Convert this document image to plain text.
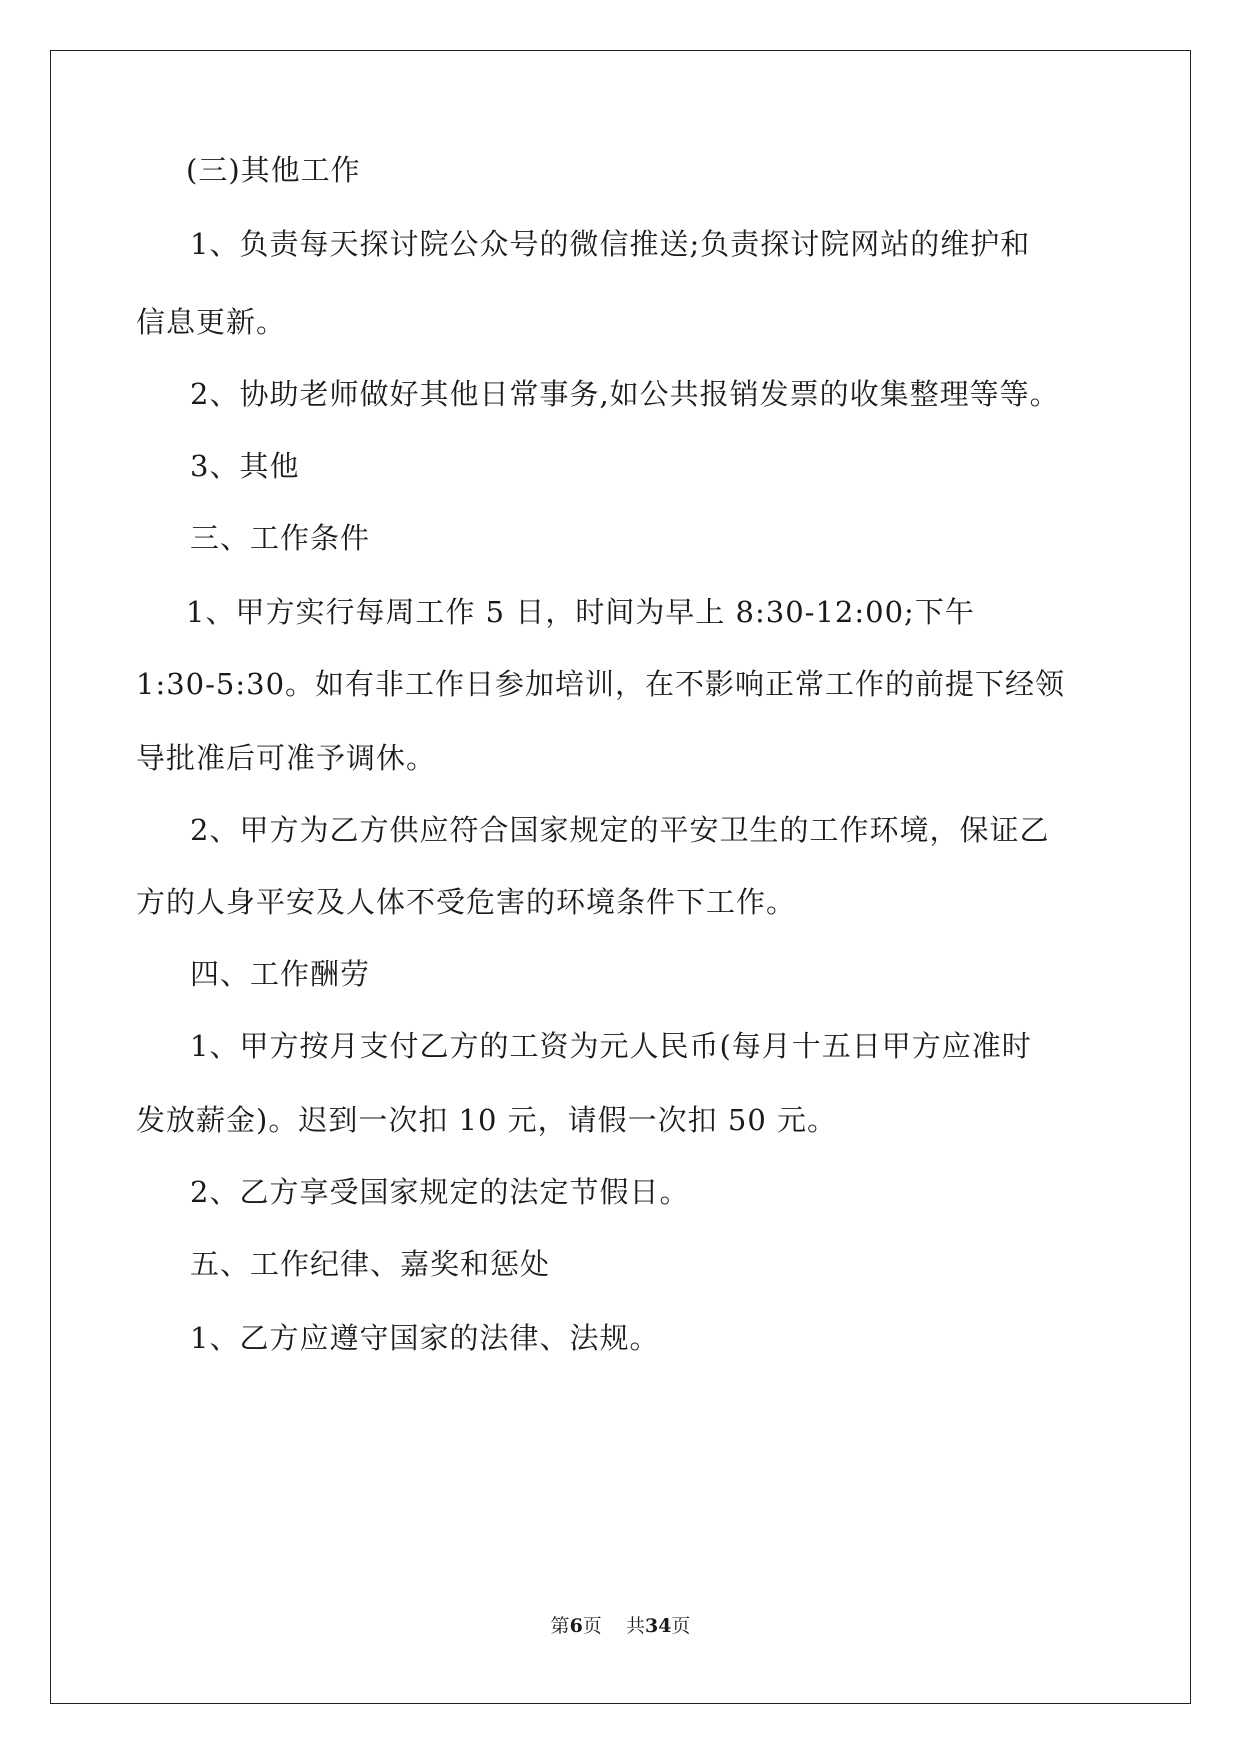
(三)其他工作
1、负责每天探讨院公众号的微信推送;负责探讨院网站的维护和
信息更新。
2、协助老师做好其他日常事务,如公共报销发票的收集整理等等。
3、其他
三、工作条件
1、甲方实行每周工作 5 日，时间为早上 8:30-12:00;下午
1:30-5:30。如有非工作日参加培训，在不影响正常工作的前提下经领
导批准后可准予调休。
2、甲方为乙方供应符合国家规定的平安卫生的工作环境，保证乙
方的人身平安及人体不受危害的环境条件下工作。
四、工作酬劳
1、甲方按月支付乙方的工资为元人民币(每月十五日甲方应准时
发放薪金)。迟到一次扣 10 元，请假一次扣 50 元。
2、乙方享受国家规定的法定节假日。
五、工作纪律、嘉奖和惩处
1、乙方应遵守国家的法律、法规。
第6页    共34页
